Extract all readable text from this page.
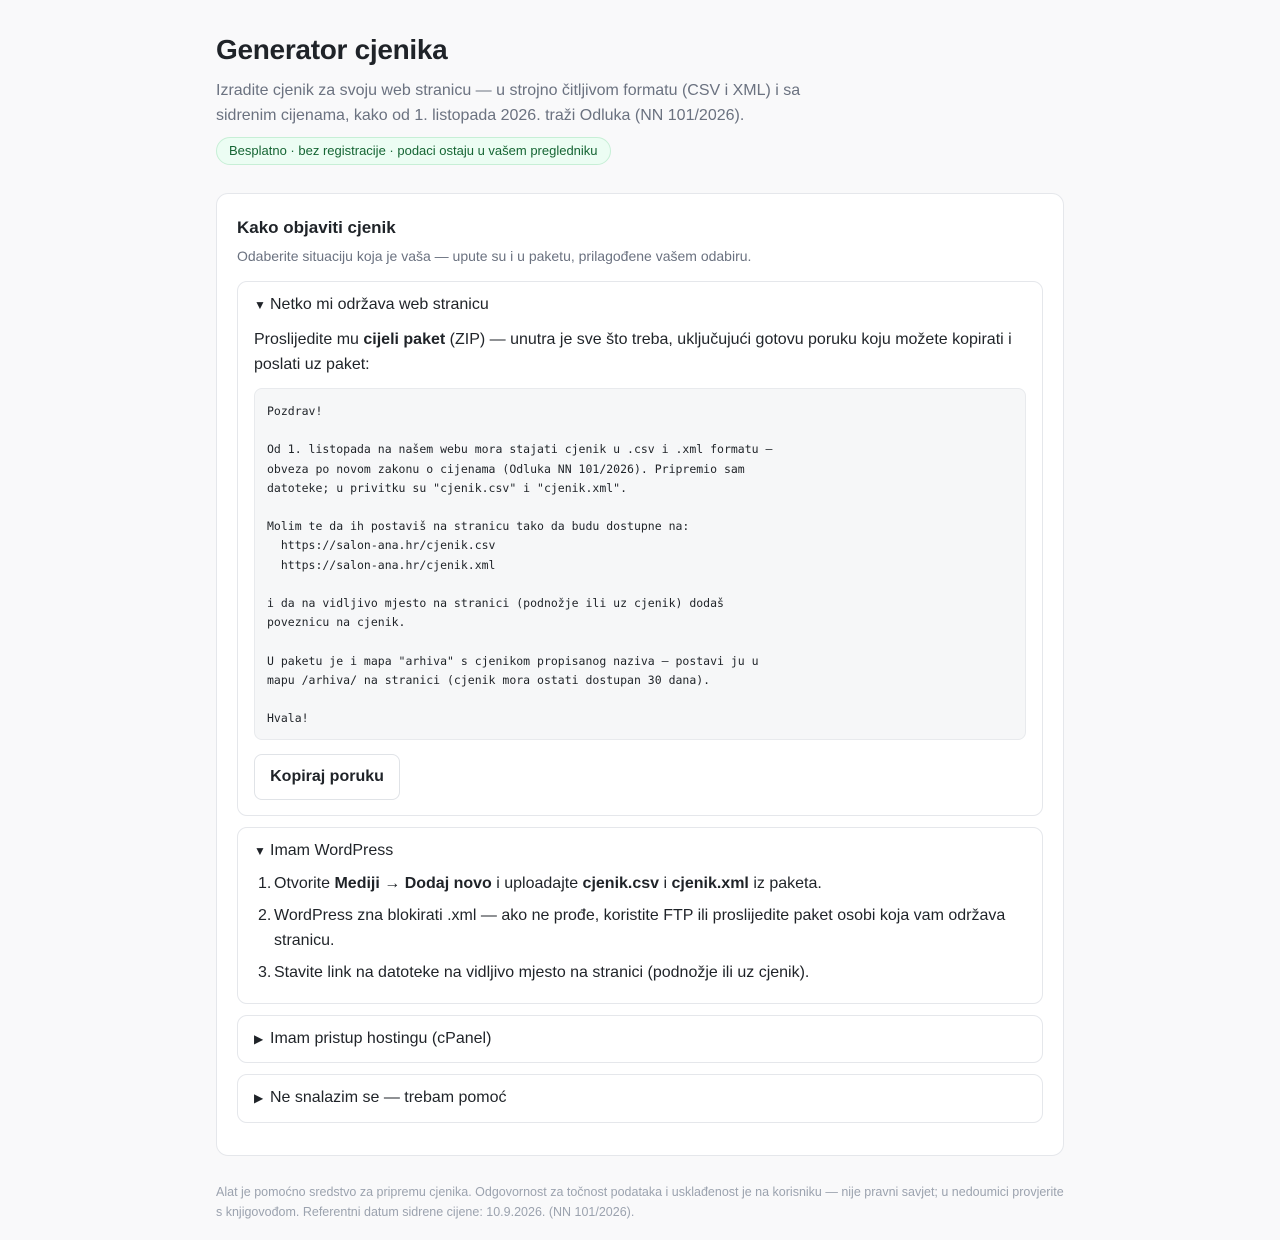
Generator cjenika

Izradite cjenik za svoju web stranicu — u strojno čitljivom formatu (CSV i XML) i sa sidrenim cijenama, kako od 1. listopada 2026. traži Odluka (NN 101/2026).

Besplatno · bez registracije · podaci ostaju u vašem pregledniku
Kako objaviti cjenik

Odaberite situaciju koja je vaša — upute su i u paketu, prilagođene vašem odabiru.

▼ Netko mi održava web stranicu

Proslijedite mu cijeli paket (ZIP) — unutra je sve što treba, uključujući gotovu poruku koju možete kopirati i poslati uz paket:

Pozdrav!

Od 1. listopada na našem webu mora stajati cjenik u .csv i .xml formatu —
obveza po novom zakonu o cijenama (Odluka NN 101/2026). Pripremio sam
datoteke; u privitku su "cjenik.csv" i "cjenik.xml".

Molim te da ih postaviš na stranicu tako da budu dostupne na:
https://salon-ana.hr/cjenik.csv
https://salon-ana.hr/cjenik.xml

i da na vidljivo mjesto na stranici (podnožje ili uz cjenik) dodaš
poveznicu na cjenik.

U paketu je i mapa "arhiva" s cjenikom propisanog naziva — postavi ju u
mapu /arhiva/ na stranici (cjenik mora ostati dostupan 30 dana).

Hvala!
Kopiraj poruku
▼ Imam WordPress
1. Otvorite Mediji → Dodaj novo i uploadajte cjenik.csv i cjenik.xml iz paketa.
2. WordPress zna blokirati .xml — ako ne prođe, koristite FTP ili proslijedite paket osobi koja vam održava stranicu.
3. Stavite link na datoteke na vidljivo mjesto na stranici (podnožje ili uz cjenik).
▶ Imam pristup hostingu (cPanel)
▶ Ne snalazim se — trebam pomoć

Alat je pomoćno sredstvo za pripremu cjenika. Odgovornost za točnost podataka i usklađenost je na korisniku — nije pravni savjet; u nedoumici provjerite s knjigovođom. Referentni datum sidrene cijene: 10.9.2026. (NN 101/2026).
